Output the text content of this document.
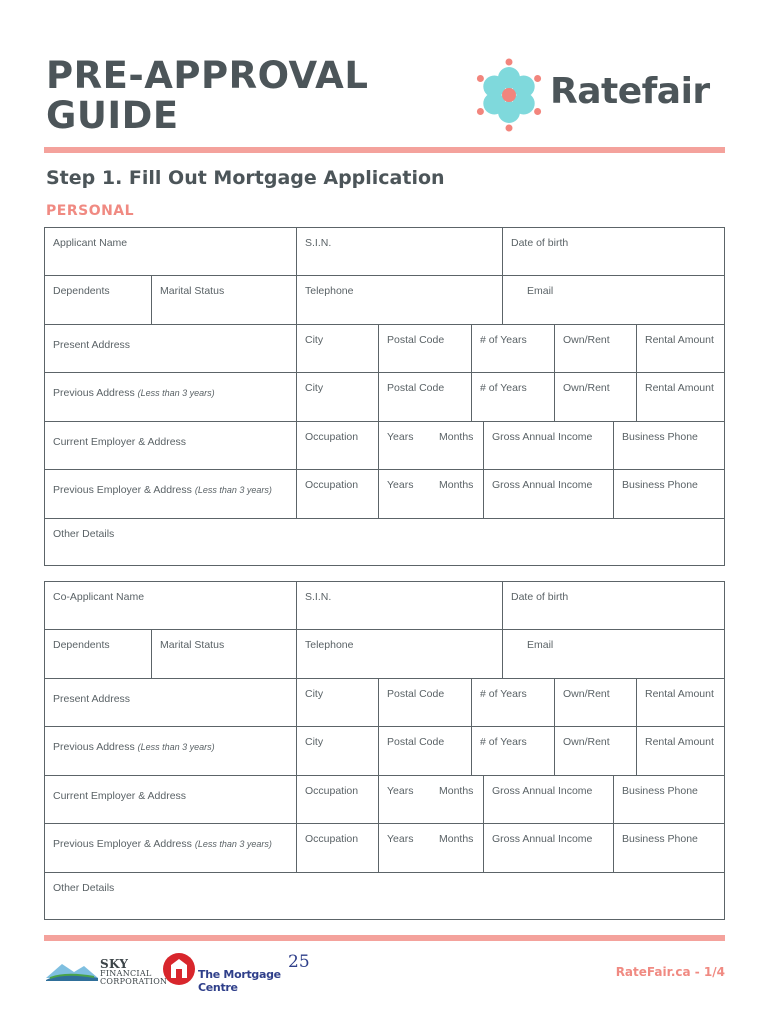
PRE-APPROVAL
GUIDE
Ratefair
Step 1. Fill Out Mortgage Application
PERSONAL
Applicant Name	S.I.N.	Date of birth
Dependents	Marital Status	Telephone	Email
Present Address	City	Postal Code	# of Years	Own/Rent	Rental Amount
Previous Address (Less than 3 years)	City	Postal Code	# of Years	Own/Rent	Rental Amount
Current Employer & Address	Occupation	Years	Months	Gross Annual Income	Business Phone
Previous Employer & Address (Less than 3 years)	Occupation	Years	Months	Gross Annual Income	Business Phone
Other Details
Co-Applicant Name	S.I.N.	Date of birth
Dependents	Marital Status	Telephone	Email
Present Address	City	Postal Code	# of Years	Own/Rent	Rental Amount
Previous Address (Less than 3 years)	City	Postal Code	# of Years	Own/Rent	Rental Amount
Current Employer & Address	Occupation	Years	Months	Gross Annual Income	Business Phone
Previous Employer & Address (Less than 3 years)	Occupation	Years	Months	Gross Annual Income	Business Phone
Other Details
SKY
FINANCIAL
CORPORATION
The Mortgage Centre
25	RateFair.ca - 1/4
